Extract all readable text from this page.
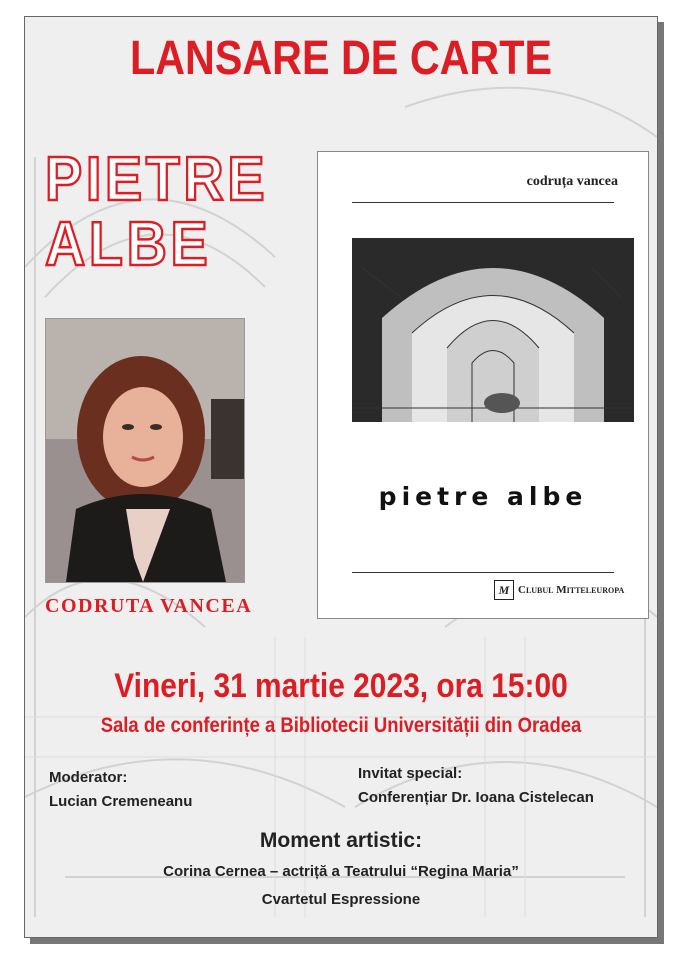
LANSARE DE CARTE
PIETRE
ALBE
CODRUTA VANCEA
codruța vancea
pietre albe
M Clubul Mitteleuropa
Vineri, 31 martie 2023, ora 15:00
Sala de conferințe a Bibliotecii Universității din Oradea
Moderator:
Lucian Cremeneanu
Invitat special:
Conferențiar Dr. Ioana Cistelecan
Moment artistic:
Corina Cernea – actriță a Teatrului “Regina Maria”
Cvartetul Espressione
